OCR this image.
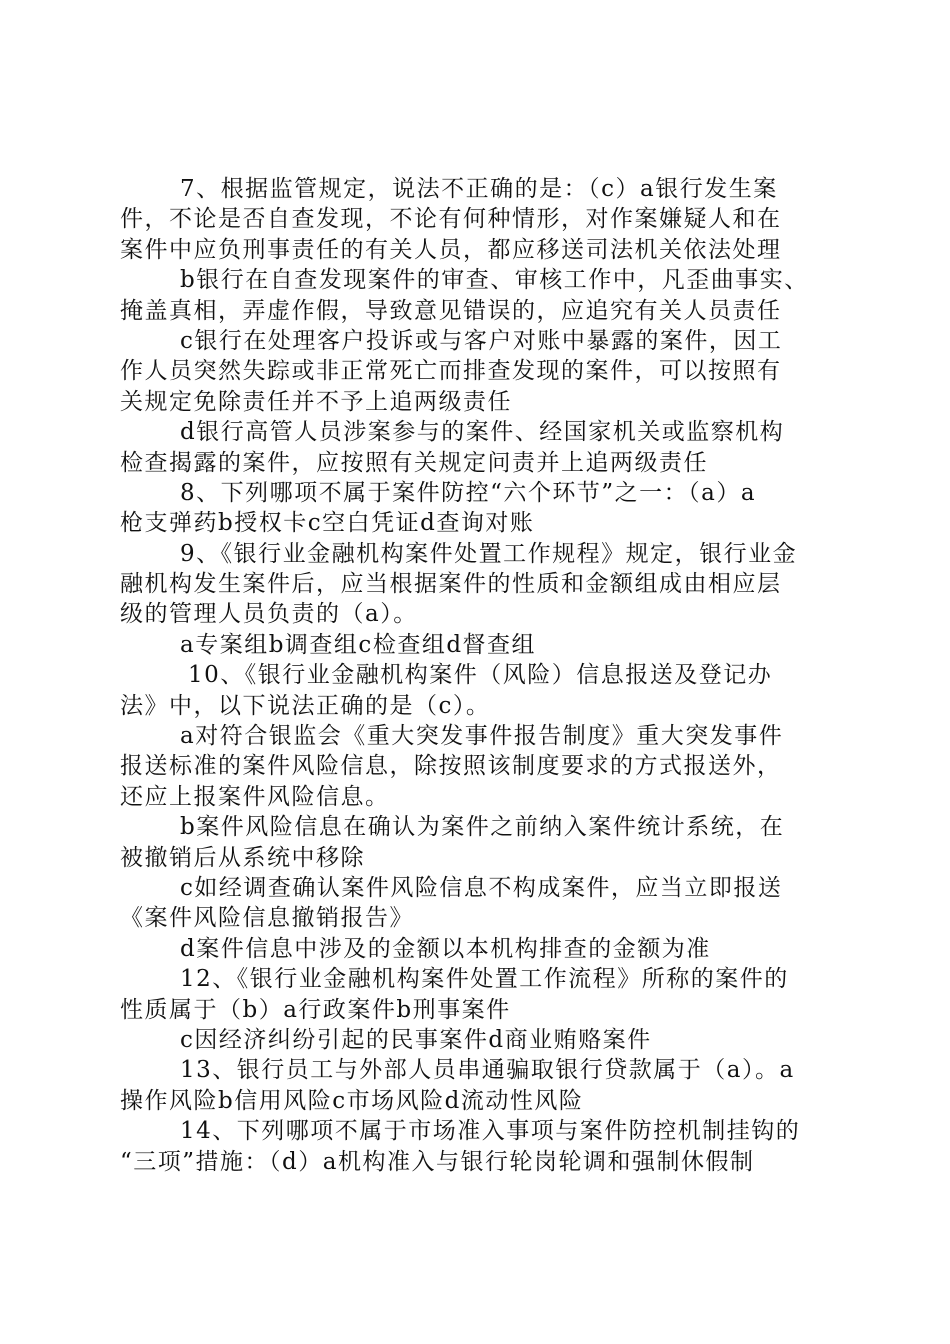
7、根据监管规定，说法不正确的是：（c）a银行发生案
件，不论是否自查发现，不论有何种情形，对作案嫌疑人和在
案件中应负刑事责任的有关人员，都应移送司法机关依法处理
b银行在自查发现案件的审查、审核工作中，凡歪曲事实、
掩盖真相，弄虚作假，导致意见错误的，应追究有关人员责任
c银行在处理客户投诉或与客户对账中暴露的案件，因工
作人员突然失踪或非正常死亡而排查发现的案件，可以按照有
关规定免除责任并不予上追两级责任
d银行高管人员涉案参与的案件、经国家机关或监察机构
检查揭露的案件，应按照有关规定问责并上追两级责任
8、下列哪项不属于案件防控“六个环节”之一：（a）a
枪支弹药b授权卡c空白凭证d查询对账
9、《银行业金融机构案件处置工作规程》规定，银行业金
融机构发生案件后，应当根据案件的性质和金额组成由相应层
级的管理人员负责的（a）。
a专案组b调查组c检查组d督查组
10、《银行业金融机构案件（风险）信息报送及登记办
法》中，以下说法正确的是（c）。
a对符合银监会《重大突发事件报告制度》重大突发事件
报送标准的案件风险信息，除按照该制度要求的方式报送外，
还应上报案件风险信息。
b案件风险信息在确认为案件之前纳入案件统计系统，在
被撤销后从系统中移除
c如经调查确认案件风险信息不构成案件，应当立即报送
《案件风险信息撤销报告》
d案件信息中涉及的金额以本机构排查的金额为准
12、《银行业金融机构案件处置工作流程》所称的案件的
性质属于（b）a行政案件b刑事案件
c因经济纠纷引起的民事案件d商业贿赂案件
13、银行员工与外部人员串通骗取银行贷款属于（a）。a
操作风险b信用风险c市场风险d流动性风险
14、下列哪项不属于市场准入事项与案件防控机制挂钩的
“三项”措施：（d）a机构准入与银行轮岗轮调和强制休假制
